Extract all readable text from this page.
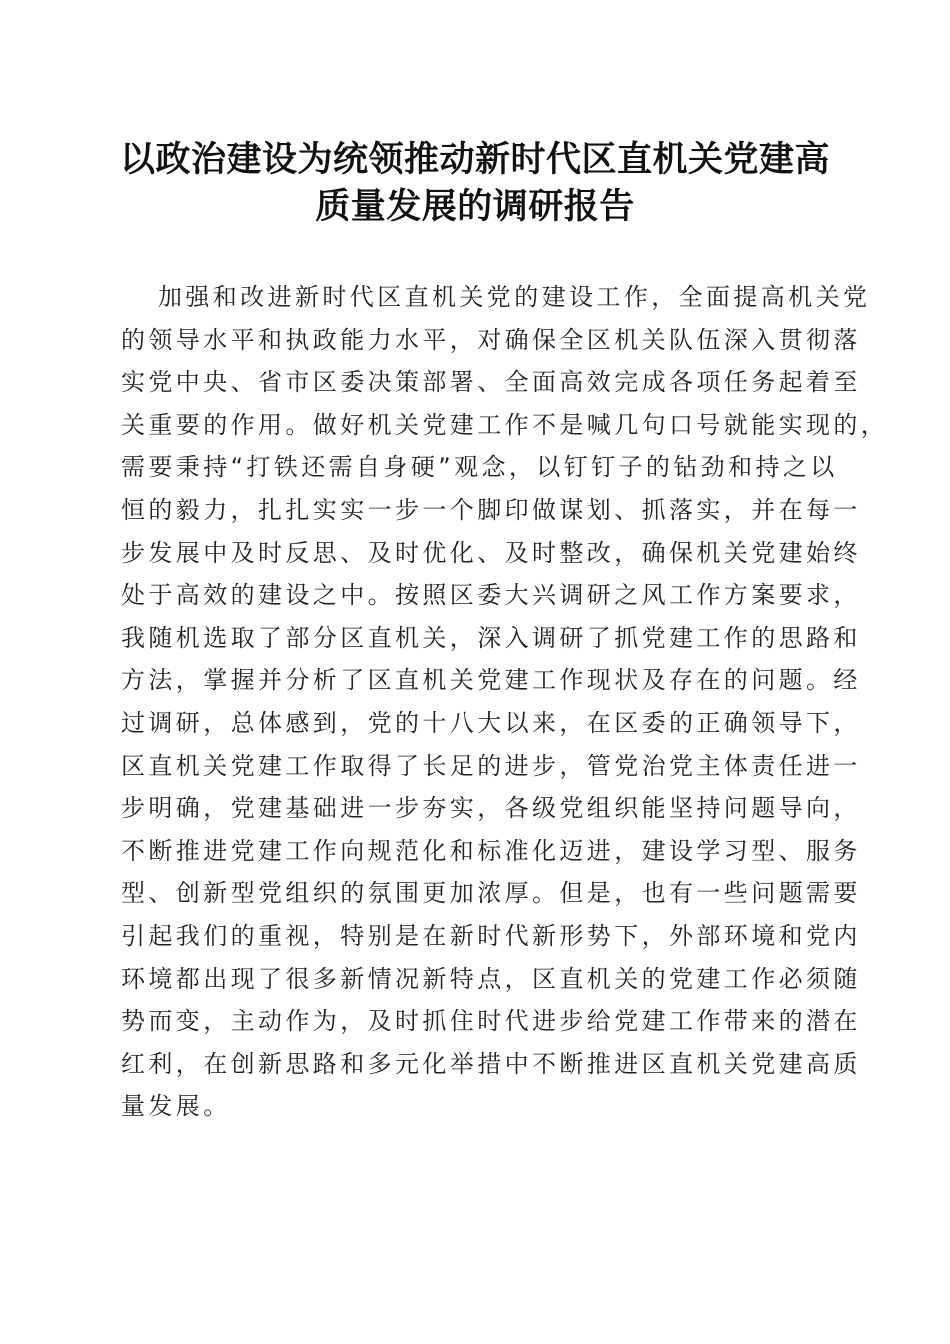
以政治建设为统领推动新时代区直机关党建高
质量发展的调研报告
加强和改进新时代区直机关党的建设工作，全面提高机关党
的领导水平和执政能力水平，对确保全区机关队伍深入贯彻落
实党中央、省市区委决策部署、全面高效完成各项任务起着至
关重要的作用。做好机关党建工作不是喊几句口号就能实现的，
需要秉持“打铁还需自身硬”观念，以钉钉子的钻劲和持之以
恒的毅力，扎扎实实一步一个脚印做谋划、抓落实，并在每一
步发展中及时反思、及时优化、及时整改，确保机关党建始终
处于高效的建设之中。按照区委大兴调研之风工作方案要求，
我随机选取了部分区直机关，深入调研了抓党建工作的思路和
方法，掌握并分析了区直机关党建工作现状及存在的问题。经
过调研，总体感到，党的十八大以来，在区委的正确领导下，
区直机关党建工作取得了长足的进步，管党治党主体责任进一
步明确，党建基础进一步夯实，各级党组织能坚持问题导向，
不断推进党建工作向规范化和标准化迈进，建设学习型、服务
型、创新型党组织的氛围更加浓厚。但是，也有一些问题需要
引起我们的重视，特别是在新时代新形势下，外部环境和党内
环境都出现了很多新情况新特点，区直机关的党建工作必须随
势而变，主动作为，及时抓住时代进步给党建工作带来的潜在
红利，在创新思路和多元化举措中不断推进区直机关党建高质
量发展。
